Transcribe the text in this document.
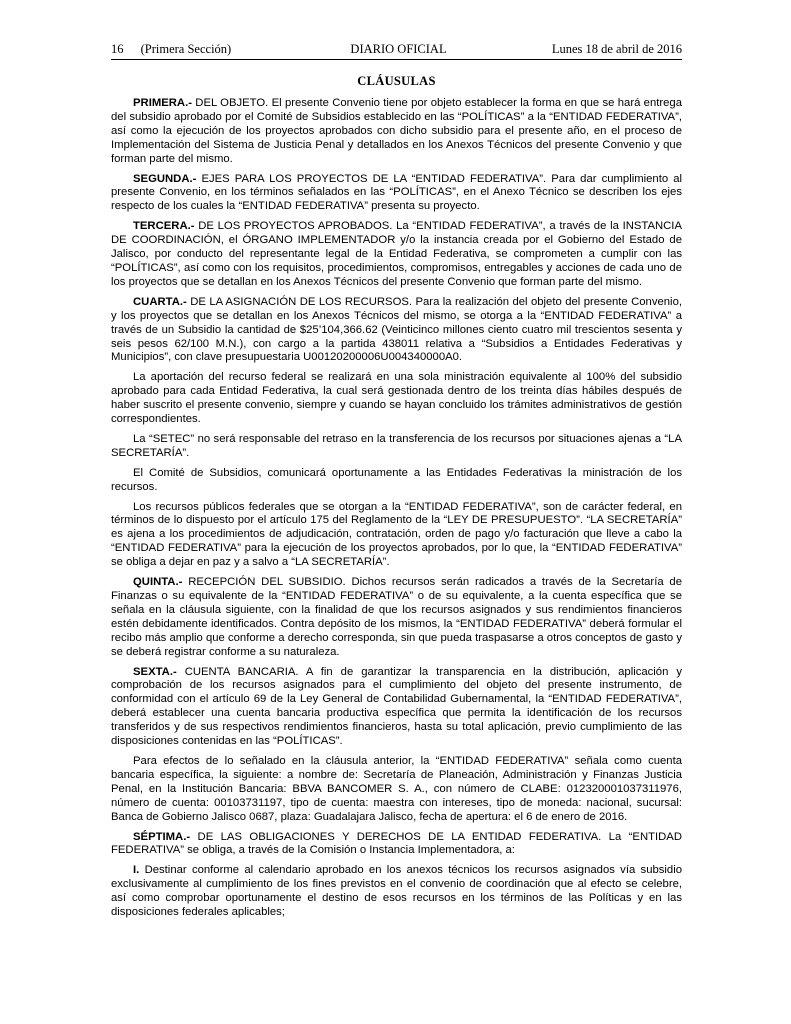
16 (Primera Sección)	DIARIO OFICIAL	Lunes 18 de abril de 2016
CLÁUSULAS

PRIMERA.- DEL OBJETO. El presente Convenio tiene por objeto establecer la forma en que se hará entrega del subsidio aprobado por el Comité de Subsidios establecido en las “POLÍTICAS” a la “ENTIDAD FEDERATIVA”, así como la ejecución de los proyectos aprobados con dicho subsidio para el presente año, en el proceso de Implementación del Sistema de Justicia Penal y detallados en los Anexos Técnicos del presente Convenio y que forman parte del mismo.

SEGUNDA.- EJES PARA LOS PROYECTOS DE LA “ENTIDAD FEDERATIVA”. Para dar cumplimiento al presente Convenio, en los términos señalados en las “POLÍTICAS”, en el Anexo Técnico se describen los ejes respecto de los cuales la “ENTIDAD FEDERATIVA” presenta su proyecto.

TERCERA.- DE LOS PROYECTOS APROBADOS. La “ENTIDAD FEDERATIVA”, a través de la INSTANCIA DE COORDINACIÓN, el ÓRGANO IMPLEMENTADOR y/o la instancia creada por el Gobierno del Estado de Jalisco, por conducto del representante legal de la Entidad Federativa, se comprometen a cumplir con las “POLÍTICAS”, así como con los requisitos, procedimientos, compromisos, entregables y acciones de cada uno de los proyectos que se detallan en los Anexos Técnicos del presente Convenio que forman parte del mismo.

CUARTA.- DE LA ASIGNACIÓN DE LOS RECURSOS. Para la realización del objeto del presente Convenio, y los proyectos que se detallan en los Anexos Técnicos del mismo, se otorga a la “ENTIDAD FEDERATIVA” a través de un Subsidio la cantidad de $25’104,366.62 (Veinticinco millones ciento cuatro mil trescientos sesenta y seis pesos 62/100 M.N.), con cargo a la partida 438011 relativa a “Subsidios a Entidades Federativas y Municipios”, con clave presupuestaria U00120200006U004340000A0.

La aportación del recurso federal se realizará en una sola ministración equivalente al 100% del subsidio aprobado para cada Entidad Federativa, la cual será gestionada dentro de los treinta días hábiles después de haber suscrito el presente convenio, siempre y cuando se hayan concluido los trámites administrativos de gestión correspondientes.

La “SETEC” no será responsable del retraso en la transferencia de los recursos por situaciones ajenas a “LA SECRETARÍA”.

El Comité de Subsidios, comunicará oportunamente a las Entidades Federativas la ministración de los recursos.

Los recursos públicos federales que se otorgan a la “ENTIDAD FEDERATIVA”, son de carácter federal, en términos de lo dispuesto por el artículo 175 del Reglamento de la “LEY DE PRESUPUESTO”. “LA SECRETARÍA” es ajena a los procedimientos de adjudicación, contratación, orden de pago y/o facturación que lleve a cabo la “ENTIDAD FEDERATIVA” para la ejecución de los proyectos aprobados, por lo que, la “ENTIDAD FEDERATIVA” se obliga a dejar en paz y a salvo a “LA SECRETARÍA”.

QUINTA.- RECEPCIÓN DEL SUBSIDIO. Dichos recursos serán radicados a través de la Secretaría de Finanzas o su equivalente de la “ENTIDAD FEDERATIVA” o de su equivalente, a la cuenta específica que se señala en la cláusula siguiente, con la finalidad de que los recursos asignados y sus rendimientos financieros estén debidamente identificados. Contra depósito de los mismos, la “ENTIDAD FEDERATIVA” deberá formular el recibo más amplio que conforme a derecho corresponda, sin que pueda traspasarse a otros conceptos de gasto y se deberá registrar conforme a su naturaleza.

SEXTA.- CUENTA BANCARIA. A fin de garantizar la transparencia en la distribución, aplicación y comprobación de los recursos asignados para el cumplimiento del objeto del presente instrumento, de conformidad con el artículo 69 de la Ley General de Contabilidad Gubernamental, la “ENTIDAD FEDERATIVA”, deberá establecer una cuenta bancaria productiva específica que permita la identificación de los recursos transferidos y de sus respectivos rendimientos financieros, hasta su total aplicación, previo cumplimiento de las disposiciones contenidas en las “POLÍTICAS”.

Para efectos de lo señalado en la cláusula anterior, la “ENTIDAD FEDERATIVA” señala como cuenta bancaria específica, la siguiente: a nombre de: Secretaría de Planeación, Administración y Finanzas Justicia Penal, en la Institución Bancaria: BBVA BANCOMER S. A., con número de CLABE: 012320001037311976, número de cuenta: 00103731197, tipo de cuenta: maestra con intereses, tipo de moneda: nacional, sucursal: Banca de Gobierno Jalisco 0687, plaza: Guadalajara Jalisco, fecha de apertura: el 6 de enero de 2016.

SÉPTIMA.- DE LAS OBLIGACIONES Y DERECHOS DE LA ENTIDAD FEDERATIVA. La “ENTIDAD FEDERATIVA” se obliga, a través de la Comisión o Instancia Implementadora, a:

I. Destinar conforme al calendario aprobado en los anexos técnicos los recursos asignados vía subsidio exclusivamente al cumplimiento de los fines previstos en el convenio de coordinación que al efecto se celebre, así como comprobar oportunamente el destino de esos recursos en los términos de las Políticas y en las disposiciones federales aplicables;
